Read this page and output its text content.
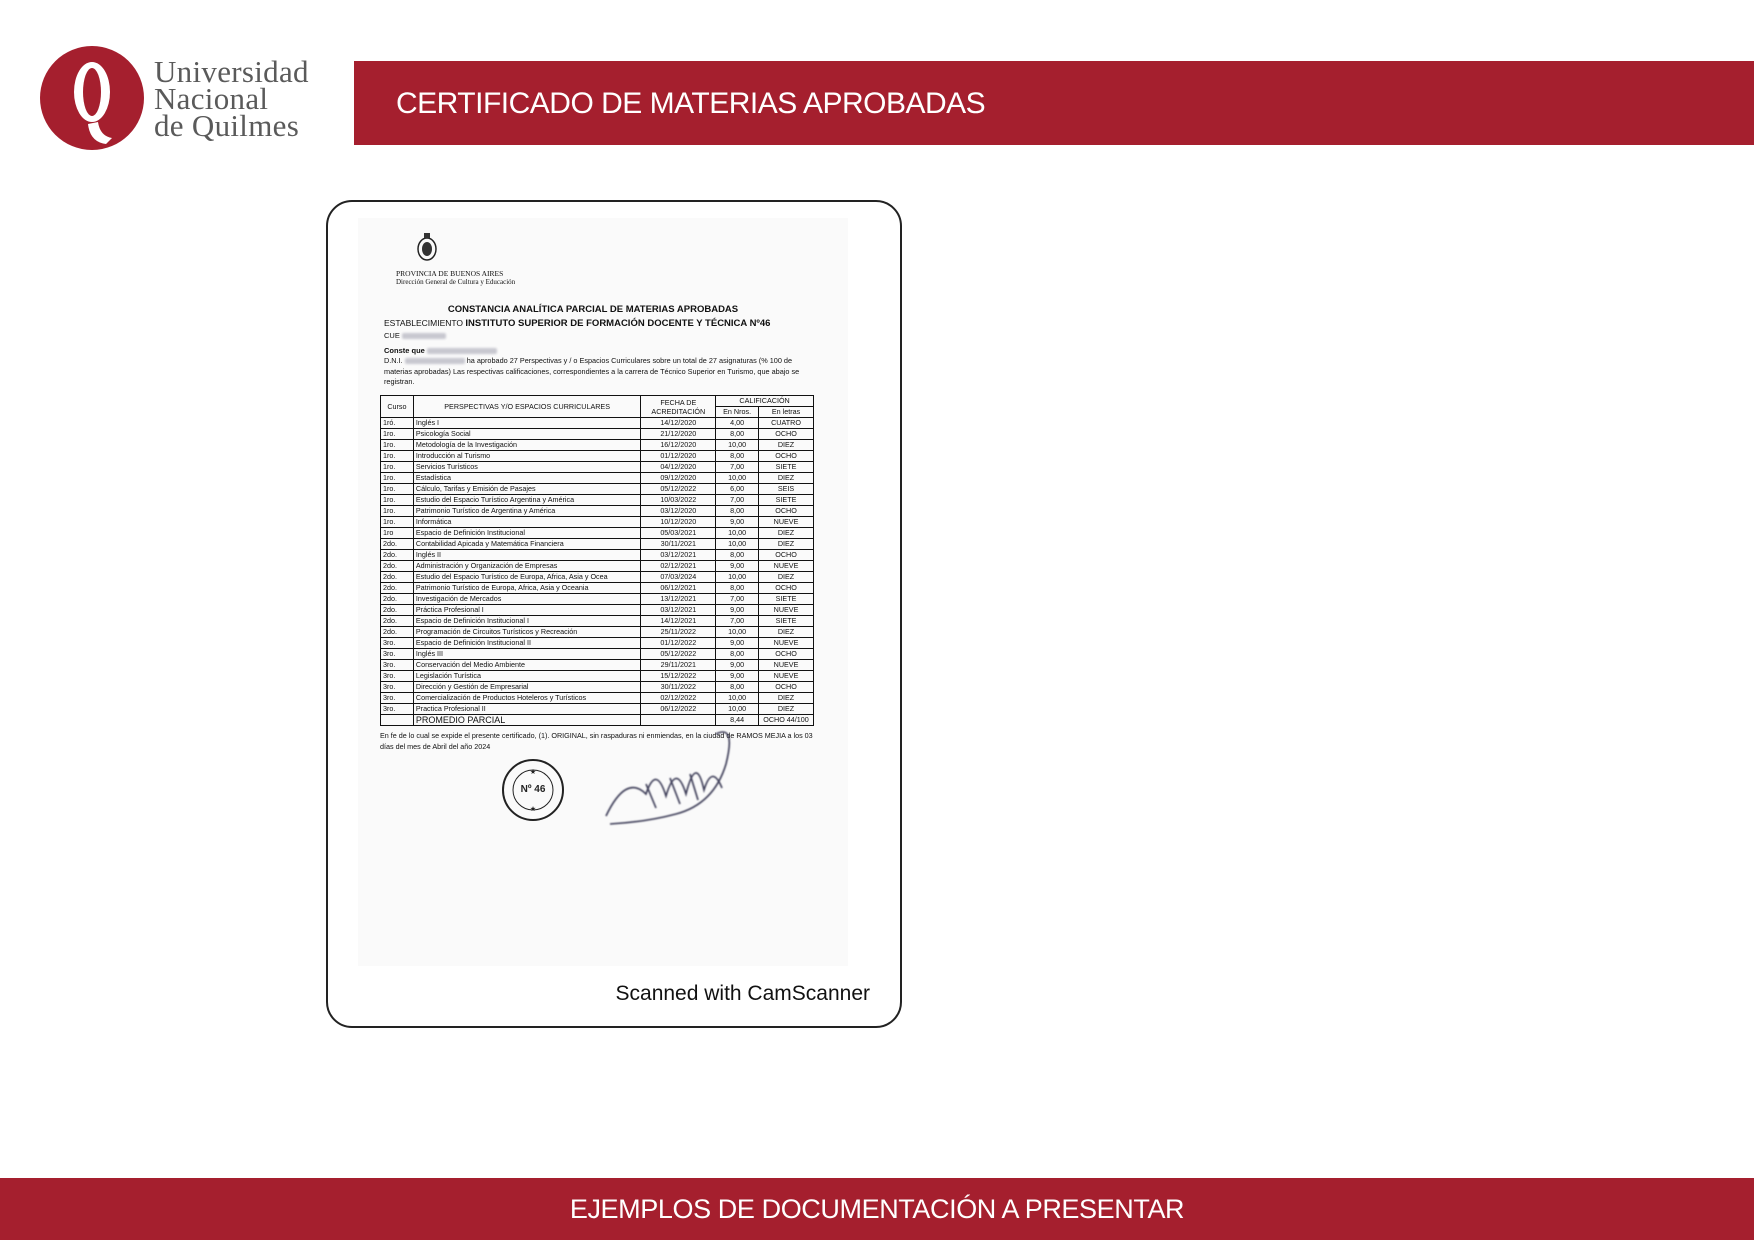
Universidad
Nacional
de Quilmes
CERTIFICADO DE MATERIAS APROBADAS
PROVINCIA DE BUENOS AIRES
Dirección General de Cultura y Educación
CONSTANCIA ANALÍTICA PARCIAL DE MATERIAS APROBADAS
ESTABLECIMIENTO INSTITUTO SUPERIOR DE FORMACIÓN DOCENTE Y TÉCNICA Nº46
CUE
Conste que
D.N.I.	ha aprobado 27 Perspectivas y / o Espacios Curriculares sobre un total de 27 asignaturas (% 100 de materias aprobadas) Las respectivas calificaciones, correspondientes a la carrera de Técnico Superior en Turismo, que abajo se registran.
Curso	PERSPECTIVAS Y/O ESPACIOS CURRICULARES	FECHA DE ACREDITACIÓN	CALIFICACIÓN	
			En Nros.	En letras
1ró.	Inglés I	14/12/2020	4,00	CUATRO
1ro.	Psicología Social	21/12/2020	8,00	OCHO
1ro.	Metodología de la Investigación	16/12/2020	10,00	DIEZ
1ro.	Introducción al Turismo	01/12/2020	8,00	OCHO
1ro.	Servicios Turísticos	04/12/2020	7,00	SIETE
1ro.	Estadística	09/12/2020	10,00	DIEZ
1ro.	Cálculo, Tarifas y Emisión de Pasajes	05/12/2022	6,00	SEIS
1ro.	Estudio del Espacio Turístico Argentina y América	10/03/2022	7,00	SIETE
1ro.	Patrimonio Turístico de Argentina y América	03/12/2020	8,00	OCHO
1ro.	Informática	10/12/2020	9,00	NUEVE
1ro	Espacio de Definición Institucional	05/03/2021	10,00	DIEZ
2do.	Contabilidad Apicada y Matemática Financiera	30/11/2021	10,00	DIEZ
2do.	Inglés II	03/12/2021	8,00	OCHO
2do.	Administración y Organización de Empresas	02/12/2021	9,00	NUEVE
2do.	Estudio del Espacio Turístico de Europa, Africa, Asia y Ocea	07/03/2024	10,00	DIEZ
2do.	Patrimonio Turístico de Europa, Africa, Asia y Oceania	06/12/2021	8,00	OCHO
2do.	Investigación de Mercados	13/12/2021	7,00	SIETE
2do.	Práctica Profesional I	03/12/2021	9,00	NUEVE
2do.	Espacio de Definición Institucional I	14/12/2021	7,00	SIETE
2do.	Programación de Circuitos Turísticos y Recreación	25/11/2022	10,00	DIEZ
3ro.	Espacio de Definición Institucional II	01/12/2022	9,00	NUEVE
3ro.	Inglés III	05/12/2022	8,00	OCHO
3ro.	Conservación del Medio Ambiente	29/11/2021	9,00	NUEVE
3ro.	Legislación Turística	15/12/2022	9,00	NUEVE
3ro.	Dirección y Gestión de Empresarial	30/11/2022	8,00	OCHO
3ro.	Comercialización de Productos Hoteleros y Turísticos	02/12/2022	10,00	DIEZ
3ro.	Practica Profesional II	06/12/2022	10,00	DIEZ
	PROMEDIO PARCIAL		8,44	OCHO 44/100
En fe de lo cual se expide el presente certificado, (1). ORIGINAL, sin raspaduras ni enmiendas, en la ciudad de RAMOS MEJIA a los 03 días del mes de Abril del año 2024
★
★
Nº 46

Scanned with CamScanner
EJEMPLOS DE DOCUMENTACIÓN A PRESENTAR
